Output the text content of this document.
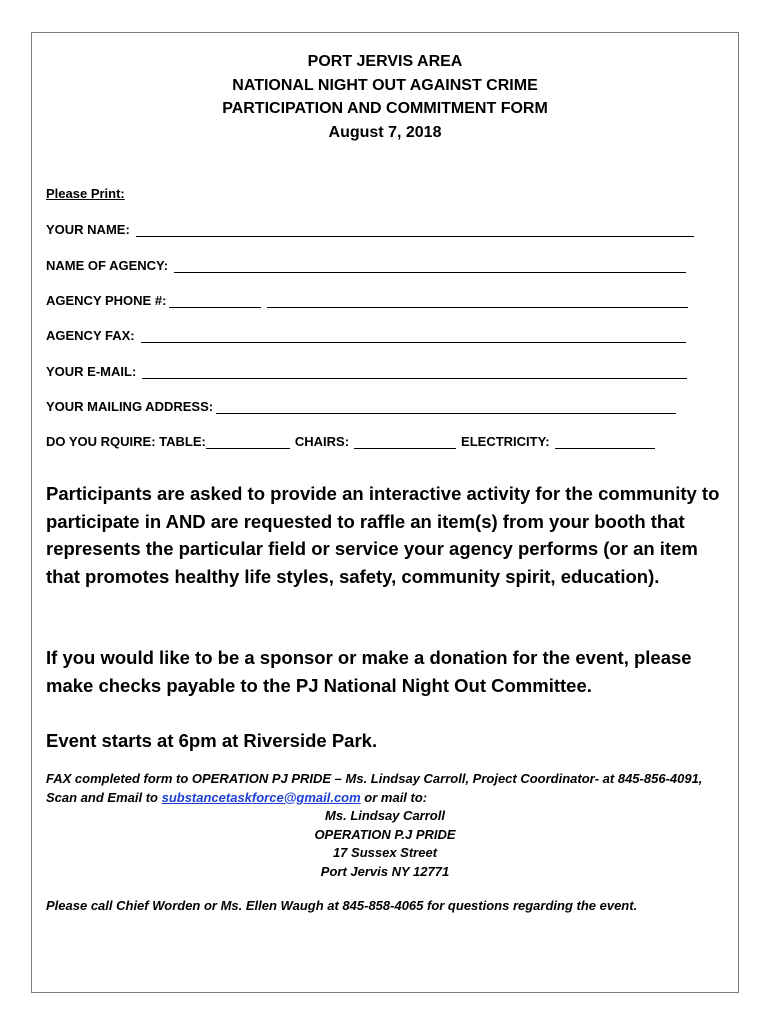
PORT JERVIS AREA
NATIONAL NIGHT OUT AGAINST CRIME
PARTICIPATION AND COMMITMENT FORM
August 7, 2018
Please Print:
YOUR NAME:
NAME OF AGENCY:
AGENCY PHONE #:
AGENCY FAX:
YOUR E-MAIL:
YOUR MAILING ADDRESS:
DO YOU RQUIRE: TABLE:	CHAIRS:	ELECTRICITY:
Participants are asked to provide an interactive activity for the community to participate in AND are requested to raffle an item(s) from your booth that represents the particular field or service your agency performs (or an item that promotes healthy life styles, safety, community spirit, education).
If you would like to be a sponsor or make a donation for the event, please make checks payable to the PJ National Night Out Committee.
Event starts at 6pm at Riverside Park.
FAX completed form to OPERATION PJ PRIDE – Ms. Lindsay Carroll, Project Coordinator- at 845-856-4091, Scan and Email to substancetaskforce@gmail.com or mail to:
Ms. Lindsay Carroll
OPERATION P.J PRIDE
17 Sussex Street
Port Jervis NY 12771
Please call Chief Worden or Ms. Ellen Waugh at 845-858-4065 for questions regarding the event.
